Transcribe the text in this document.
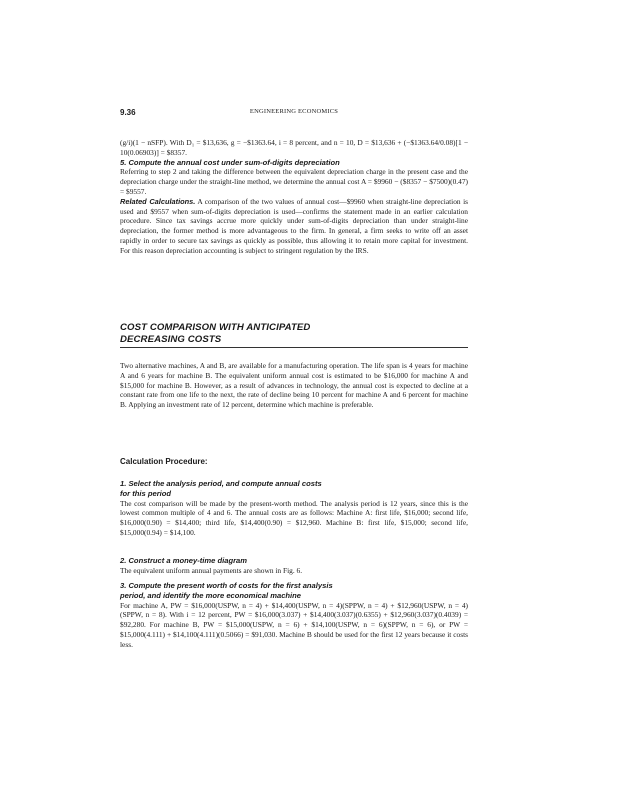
9.36	ENGINEERING ECONOMICS

(g/i)(1 − nSFP). With D₁ = $13,636, g = −$1363.64, i = 8 percent, and n = 10, D = $13,636 + (−$1363.64/0.08)[1 − 10(0.06903)] = $8357.

5. Compute the annual cost under sum-of-digits depreciation

Referring to step 2 and taking the difference between the equivalent depreciation charge in the present case and the depreciation charge under the straight-line method, we determine the annual cost A = $9960 − ($8357 − $7500)(0.47) = $9557.

Related Calculations. A comparison of the two values of annual cost—$9960 when straight-line depreciation is used and $9557 when sum-of-digits depreciation is used—confirms the statement made in an earlier calculation procedure. Since tax savings accrue more quickly under sum-of-digits depreciation than under straight-line depreciation, the former method is more advantageous to the firm. In general, a firm seeks to write off an asset rapidly in order to secure tax savings as quickly as possible, thus allowing it to retain more capital for investment. For this reason depreciation accounting is subject to stringent regulation by the IRS.

COST COMPARISON WITH ANTICIPATED

DECREASING COSTS

Two alternative machines, A and B, are available for a manufacturing operation. The life span is 4 years for machine A and 6 years for machine B. The equivalent uniform annual cost is estimated to be $16,000 for machine A and $15,000 for machine B. However, as a result of advances in technology, the annual cost is expected to decline at a constant rate from one life to the next, the rate of decline being 10 percent for machine A and 6 percent for machine B. Applying an investment rate of 12 percent, determine which machine is preferable.

Calculation Procedure:

1. Select the analysis period, and compute annual costs

for this period

The cost comparison will be made by the present-worth method. The analysis period is 12 years, since this is the lowest common multiple of 4 and 6. The annual costs are as follows: Machine A: first life, $16,000; second life, $16,000(0.90) = $14,400; third life, $14,400(0.90) = $12,960. Machine B: first life, $15,000; second life, $15,000(0.94) = $14,100.

2. Construct a money-time diagram

The equivalent uniform annual payments are shown in Fig. 6.

3. Compute the present worth of costs for the first analysis

period, and identify the more economical machine

For machine A, PW = $16,000(USPW, n = 4) + $14,400(USPW, n = 4)(SPPW, n = 4) + $12,960(USPW, n = 4)(SPPW, n = 8). With i = 12 percent, PW = $16,000(3.037) + $14,400(3.037)(0.6355) + $12,960(3.037)(0.4039) = $92,280. For machine B, PW = $15,000(USPW, n = 6) + $14,100(USPW, n = 6)(SPPW, n = 6), or PW = $15,000(4.111) + $14,100(4.111)(0.5066) = $91,030. Machine B should be used for the first 12 years because it costs less.
